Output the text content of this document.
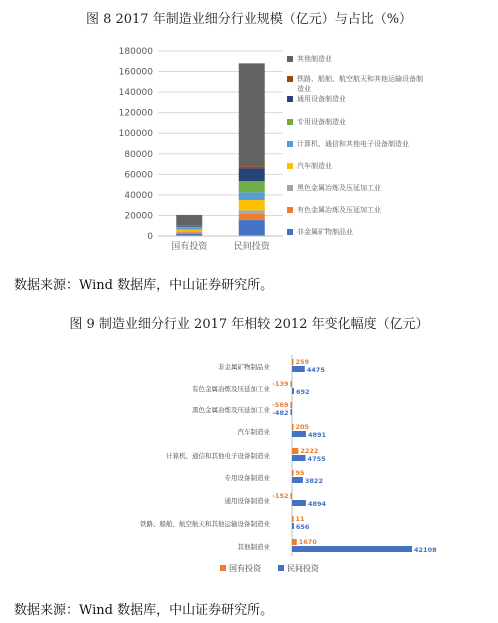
图 8 2017 年制造业细分行业规模（亿元）与占比（%）
0
20000
40000
60000
80000
100000
120000
140000
160000
180000
国有投资	民间投资
其他制造业
铁路、船舶、航空航天和其他运输设备制
造业
通用设备制造业
专用设备制造业
计算机、通信和其他电子设备制造业
汽车制造业
黑色金属冶炼及压延加工业
有色金属冶炼及压延加工业
非金属矿物制品业
数据来源：Wind 数据库，中山证券研究所。
图 9 制造业细分行业 2017 年相较 2012 年变化幅度（亿元）
非金属矿物制品业
259
4475
有色金属冶炼及压延加工业
-139
692
黑色金属冶炼及压延加工业
-569
-482
汽车制造业
205
4891
计算机、通信和其他电子设备制造业
2222
4755
专用设备制造业
95
3822
通用设备制造业
-152
4894
铁路、船舶、航空航天和其他运输设备制造业
11
656
其他制造业
1670
42108
国有投资	民间投资
数据来源：Wind 数据库，中山证券研究所。
